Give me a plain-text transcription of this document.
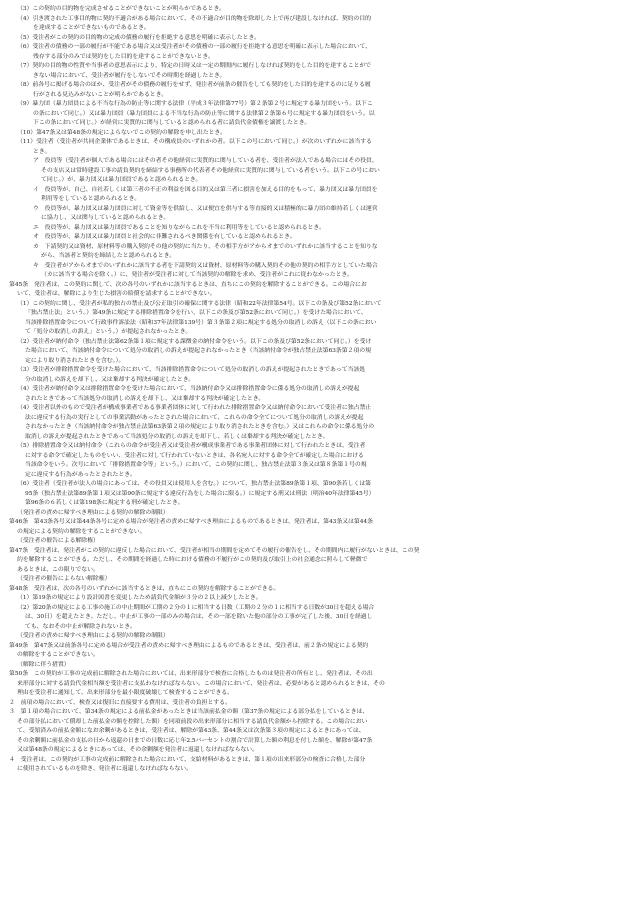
（3）この契約の目的物を完成させることができないことが明らかであるとき。

（4）引き渡された工事目的物に契約不適合がある場合において、その不適合が目的物を除却した上で再び建設しなければ、契約の目的

を達成することができないものであるとき。

（5）受注者がこの契約の目的物の完成の債務の履行を拒絶する意思を明確に表示したとき。

（6）受注者の債務の一部の履行が不能である場合又は受注者がその債務の一部の履行を拒絶する意思を明確に表示した場合において、

残存する部分のみでは契約をした目的を達することができないとき。

（7）契約の目的物の性質や当事者の意思表示により、特定の日時又は一定の期間内に履行しなければ契約をした目的を達することがで

きない場合において、受注者が履行をしないでその時期を経過したとき。

（8）前各号に掲げる場合のほか、受注者がその債務の履行をせず、発注者が前条の催告をしても契約をした目的を達するのに足りる履

行がされる見込みがないことが明らかであるとき。

（9）暴力団（暴力団員による不当な行為の防止等に関する法律（平成３年法律第77号）第２条第２号に規定する暴力団をいう。以下こ

の条において同じ。）又は暴力団員（暴力団員による不当な行為の防止等に関する法律第２条第６号に規定する暴力団員をいう。以

下この条において同じ。）が経営に実質的に関与していると認められる者に請負代金債権を譲渡したとき。

（10）第47条又は第48条の規定によらないでこの契約の解除を申し出たとき。

（11）受注者（受注者が共同企業体であるときは、その構成員のいずれかの者。以下この号において同じ。）が次のいずれかに該当する

とき。

ア　役員等（受注者が個人である場合にはその者その他経営に実質的に関与している者を、受注者が法人である場合にはその役員、

その支店又は常時建設工事の請負契約を締結する事務所の代表者その他経営に実質的に関与している者をいう。以下この号におい

て同じ。）が、暴力団又は暴力団員であると認められるとき。

イ　役員等が、自己、自社若しくは第三者の不正の利益を図る目的又は第三者に損害を加える目的をもって、暴力団又は暴力団員を

利用等をしていると認められるとき。

ウ　役員等が、暴力団又は暴力団員に対して資金等を供給し、又は便宜を供与する等直接的又は積極的に暴力団の維持若しくは運営

に協力し、又は関与していると認められるとき。

エ　役員等が、暴力団又は暴力団員であることを知りながらこれを不当に利用等をしていると認められるとき。

オ　役員等が、暴力団又は暴力団員と社会的に非難されるべき関係を有していると認められるとき。

カ　下請契約又は資材、原材料等の購入契約その他の契約に当たり、その相手方がアからオまでのいずれかに該当することを知りな

がら、当該者と契約を締結したと認められるとき。

キ　受注者がアからオまでのいずれかに該当する者を下請契約又は資材、原材料等の購入契約その他の契約の相手方としていた場合

（カに該当する場合を除く。）に、発注者が受注者に対して当該契約の解除を求め、受注者がこれに従わなかったとき。

第45条　発注者は、この契約に関して、次の各号のいずれかに該当するときは、直ちにこの契約を解除することができる。この場合にお

いて、受注者は、解除により生じた損害の賠償を請求することができない。

（1）この契約に関し、受注者が私的独占の禁止及び公正取引の確保に関する法律（昭和22年法律第54号。以下この条及び第52条において

「独占禁止法」という。）第49条に規定する排除措置命令を行い、以下この条及び第52条において同じ。）を受けた場合において、

当該排除措置命令について行政事件訴訟法（昭和37年法律第139号）第３条第２項に規定する処分の取消しの訴え（以下この条におい

て「処分の取消しの訴え」という。）が提起されなかったとき。

（2）受注者が納付命令（独占禁止法第62条第１項に規定する課徴金の納付命令をいう。以下この条及び第52条において同じ。）を受け

た場合において、当該納付命令について処分の取消しの訴えが提起されなかったとき（当該納付命令が独占禁止法第63条第２項の規

定により取り消されたときを含む。）。

（3）受注者が排除措置命令を受けた場合において、当該排除措置命令について処分の取消しの訴えが提起されたときであって当該処

分の取消しの訴えを却下し、又は棄却する判決が確定したとき。

（4）受注者が納付命令又は排除措置命令を受けた場合において、当該納付命令又は排除措置命令に係る処分の取消しの訴えが提起

されたときであって当該処分の取消しの訴えを却下し、又は棄却する判決が確定したとき。

（4）受注者以外のもので受注者が構成事業者である事業者団体に対して行われた排除措置命令又は納付命令において受注者に独占禁止

法に違反する行為の実行としての事業活動があったとされた場合において、これらの命令全てについて処分の取消しの訴えが提起

されなかったとき（当該納付命令が独占禁止法第63条第２項の規定により取り消されたときを含む。）又はこれらの命令に係る処分の

取消しの訴えが提起されたときであって当該処分の取消しの訴えを却下し、若しくは棄却する判決が確定したとき。

（5）排除措置命令又は納付命令（これらの命令が受注者又は受注者が構成事業者である事業者団体に対して行われたときは、受注者

に対する命令で確定したものをいい、受注者に対して行われていないときは、各名宛人に対する命令全てが確定した場合における

当該命令をいう。次号において「排除措置命令等」という。）において、この契約に関し、独占禁止法第３条又は第８条第１号の規

定に違反する行為があったとされたとき。

（6）受注者（受注者が法人の場合にあっては、その役員又は使用人を含む。）について、独占禁止法第89条第１項、第90条若しくは第

95条（独占禁止法第89条第１項又は第90条に規定する違反行為をした場合に限る。）に規定する刑又は刑法（明治40年法律第45号）

第96条の６若しくは第198条に規定する刑が確定したとき。

（発注者の責めに帰すべき理由による契約の解除の制限）

第46条　第43条各号又は第44条各号に定める場合が発注者の責めに帰すべき理由によるものであるときは、発注者は、第43条又は第44条

の規定による契約の解除をすることができない。

（受注者の催告による解除権）

第47条　受注者は、発注者がこの契約に違反した場合において、受注者が相当の期間を定めてその履行の催告をし、その期間内に履行がないときは、この契

約を解除することができる。ただし、その期間を経過した時における債務の不履行がこの契約及び取引上の社会通念に照らして軽微で

あるときは、この限りでない。

（受注者の催告によらない解除権）

第48条　受注者は、次の各号のいずれかに該当するときは、直ちにこの契約を解除することができる。

（1）第19条の規定により設計図書を変更したため請負代金額が３分の２以上減少したとき。

（2）第20条の規定による工事の施工の中止期間が工期の２分の１に相当する日数（工期の２分の１に相当する日数が30日を超える場合

は、30日）を超えたとき。ただし、中止が工事の一部のみの場合は、その一部を除いた他の部分の工事が完了した後、30日を経過し

ても、なおその中止が解除されないとき。

（受注者の責めに帰すべき理由による契約の解除の制限）

第49条　第47条又は前条各号に定める場合が受注者の責めに帰すべき理由によるものであるときは、受注者は、前２条の規定による契約

の解除をすることができない。

（解除に伴う措置）

第50条　この契約が工事の完成前に解除された場合においては、出来形部分で検査に合格したものは発注者の所有とし、発注者は、その出

来形部分に対する請負代金相当額を受注者に支払わなければならない。この場合において、発注者は、必要があると認められるときは、その

理由を受注者に通知して、出来形部分を最小限度破壊して検査することができる。

２　前項の場合において、検査又は復旧に直接要する費用は、受注者の負担とする。

３　第１項の場合において、第34条の規定による前払金があったときは当該前払金の額（第37条の規定による部分払をしているときは、

その部分払において償却した前払金の額を控除した額）を同項前段の出来形部分に相当する請負代金額から控除する。この場合におい

て、受領済みの前払金額になお余剰があるときは、受注者は、解除が第43条、第44条又は次条第３項の規定によるときにあっては、

その余剰額に前払金の支払の日から返還の日までの日数に応じ年2.5パーセントの割合で計算した額の利息を付した額を、解除が第47条

又は第48条の規定によるときにあっては、その余剰額を発注者に返還しなければならない。

４　受注者は、この契約が工事の完成前に解除された場合において、支給材料があるときは、第１項の出来形部分の検査に合格した部分

に使用されているものを除き、発注者に返還しなければならない。
